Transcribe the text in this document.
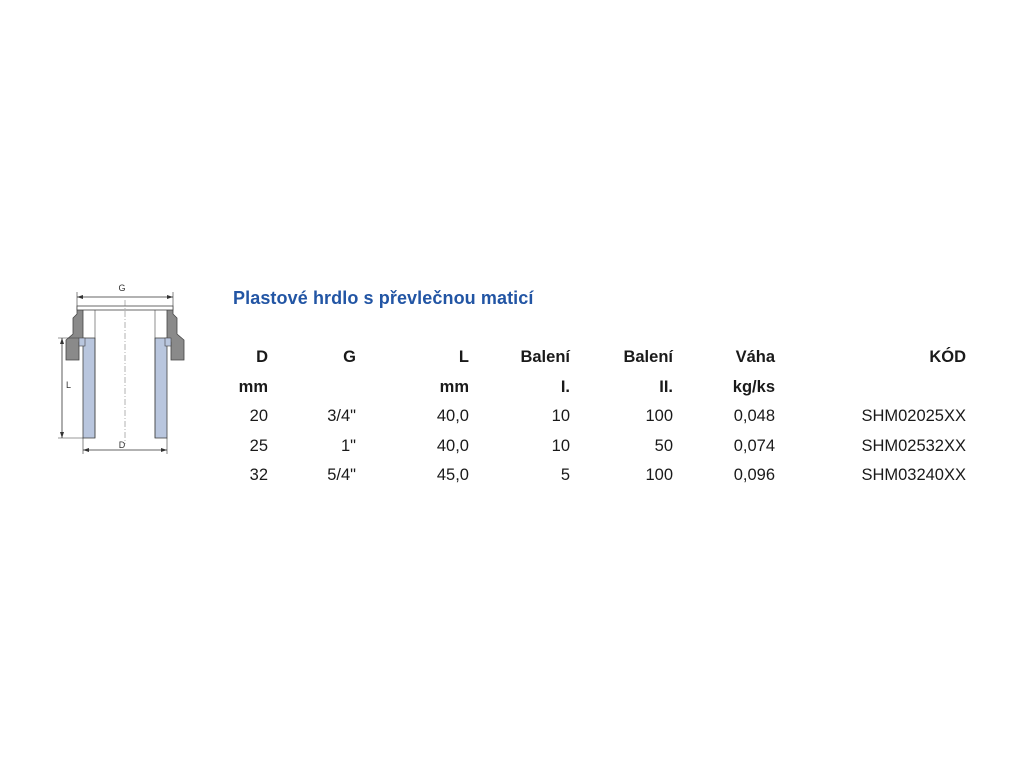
G
L
D
Plastové hrdlo s převlečnou maticí
D	G	L	Balení	Balení	Váha	KÓD
mm		mm	I.	II.	kg/ks	
20	3/4"	40,0	10	100	0,048	SHM02025XX
25	1"	40,0	10	50	0,074	SHM02532XX
32	5/4"	45,0	5	100	0,096	SHM03240XX
